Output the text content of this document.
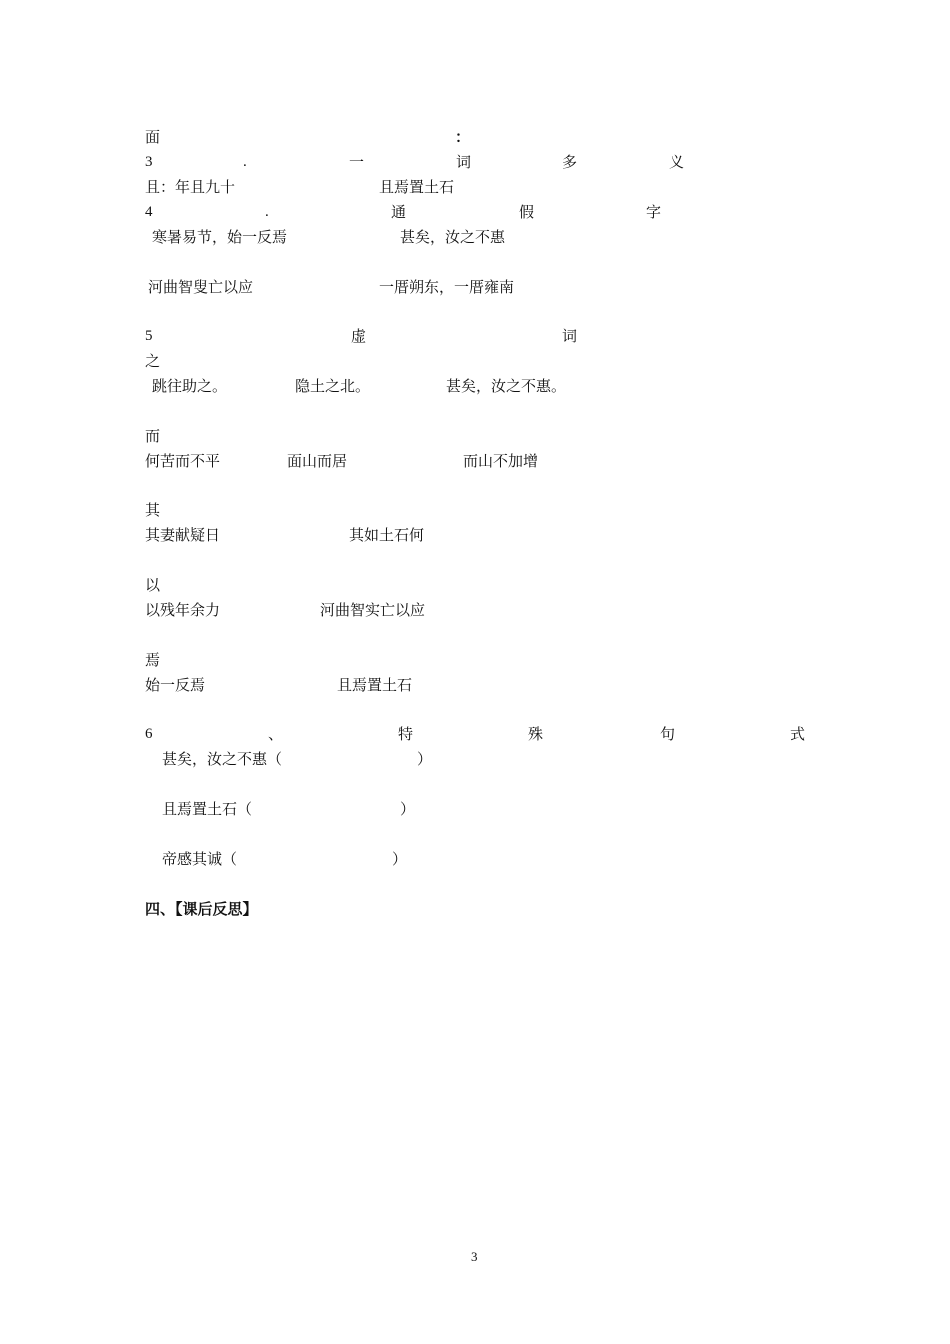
面	：
3	.	一	词	多	义
且：年且九十	且焉置土石
4	.	通	假	字
寒暑易节，始一反焉	甚矣，汝之不惠
河曲智叟亡以应	一厝朔东，一厝雍南
5	虚	词
之
跳往助之。	隐土之北。	甚矣，汝之不惠。
而
何苦而不平	面山而居	而山不加增
其
其妻献疑日	其如土石何
以
以残年余力	河曲智实亡以应
焉
始一反焉	且焉置土石
6	、	特	殊	句	式
甚矣，汝之不惠（	）
且焉置土石（	）
帝感其诚（	）
四、【课后反思】
3
